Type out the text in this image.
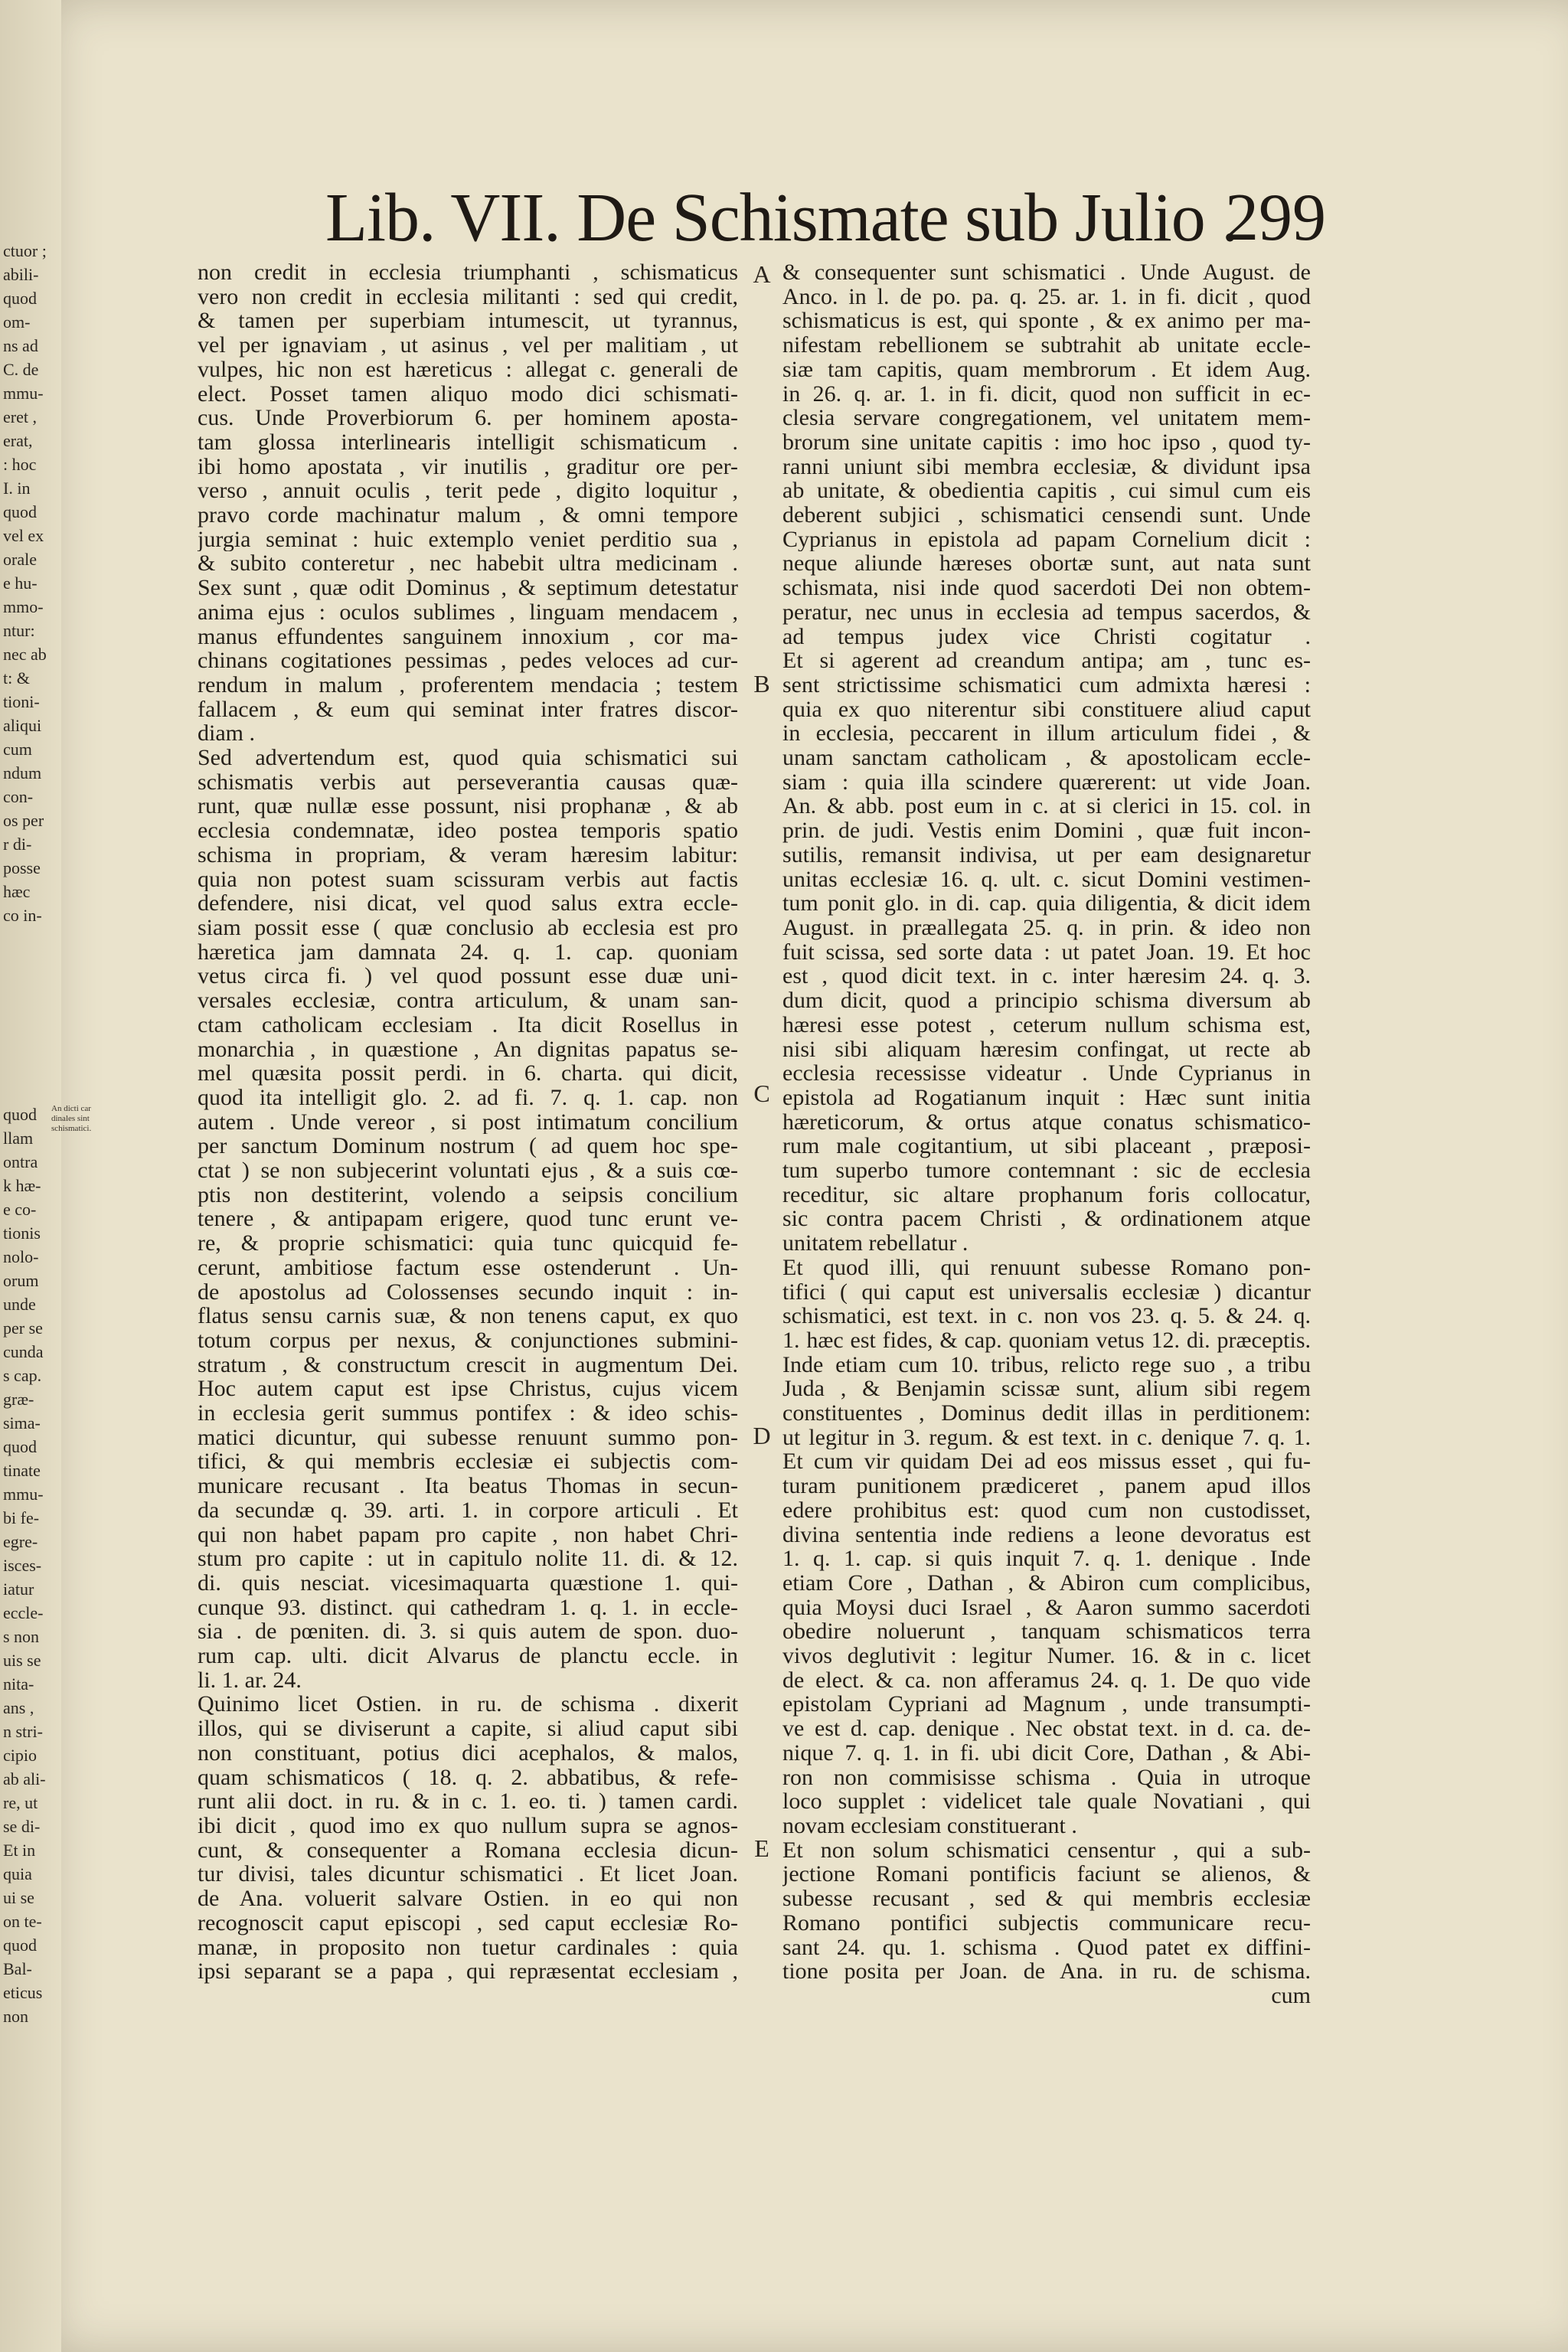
ctuor ;
abili-
quod
om-
ns ad
C. de
mmu-
eret ,
erat,
: hoc
I. in
quod
vel ex
orale
e hu-
mmo-
ntur:
nec ab
t: &
tioni-
aliqui
cum
ndum
con-
os per
r di-
posse
hæc
co in-
quod
llam
ontra
k hæ-
e co-
tionis
nolo-
orum
unde
per se
cunda
s cap.
græ-
sima-
quod
tinate
mmu-
bi fe-
egre-
isces-
iatur
eccle-
s non
uis se
nita-
ans ,
n stri-
cipio
ab ali-
re, ut
se di-
Et in
quia
ui se
on te-
quod
Bal-
eticus
non
An dicti car dinales sint schismatici.
Lib. VII. De Schismate sub Julio .
299
non credit in ecclesia triumphanti , schismaticus
vero non credit in ecclesia militanti : sed qui credit,
& tamen per superbiam intumescit, ut tyrannus,
vel per ignaviam , ut asinus , vel per malitiam , ut
vulpes, hic non est hæreticus : allegat c. generali de
elect. Posset tamen aliquo modo dici schismati-
cus. Unde Proverbiorum 6. per hominem aposta-
tam glossa interlinearis intelligit schismaticum .
ibi homo apostata , vir inutilis , graditur ore per-
verso , annuit oculis , terit pede , digito loquitur ,
pravo corde machinatur malum , & omni tempore
jurgia seminat : huic extemplo veniet perditio sua ,
& subito conteretur , nec habebit ultra medicinam .
Sex sunt , quæ odit Dominus , & septimum detestatur
anima ejus : oculos sublimes , linguam mendacem ,
manus effundentes sanguinem innoxium , cor ma-
chinans cogitationes pessimas , pedes veloces ad cur-
rendum in malum , proferentem mendacia ; testem
fallacem , & eum qui seminat inter fratres discor-
diam .
Sed advertendum est, quod quia schismatici sui
schismatis verbis aut perseverantia causas quæ-
runt, quæ nullæ esse possunt, nisi prophanæ , & ab
ecclesia condemnatæ, ideo postea temporis spatio
schisma in propriam, & veram hæresim labitur:
quia non potest suam scissuram verbis aut factis
defendere, nisi dicat, vel quod salus extra eccle-
siam possit esse ( quæ conclusio ab ecclesia est pro
hæretica jam damnata 24. q. 1. cap. quoniam
vetus circa fi. ) vel quod possunt esse duæ uni-
versales ecclesiæ, contra articulum, & unam san-
ctam catholicam ecclesiam . Ita dicit Rosellus in
monarchia , in quæstione , An dignitas papatus se-
mel quæsita possit perdi. in 6. charta. qui dicit,
quod ita intelligit glo. 2. ad fi. 7. q. 1. cap. non
autem . Unde vereor , si post intimatum concilium
per sanctum Dominum nostrum ( ad quem hoc spe-
ctat ) se non subjecerint voluntati ejus , & a suis cœ-
ptis non destiterint, volendo a seipsis concilium
tenere , & antipapam erigere, quod tunc erunt ve-
re, & proprie schismatici: quia tunc quicquid fe-
cerunt, ambitiose factum esse ostenderunt . Un-
de apostolus ad Colossenses secundo inquit : in-
flatus sensu carnis suæ, & non tenens caput, ex quo
totum corpus per nexus, & conjunctiones submini-
stratum , & constructum crescit in augmentum Dei.
Hoc autem caput est ipse Christus, cujus vicem
in ecclesia gerit summus pontifex : & ideo schis-
matici dicuntur, qui subesse renuunt summo pon-
tifici, & qui membris ecclesiæ ei subjectis com-
municare recusant . Ita beatus Thomas in secun-
da secundæ q. 39. arti. 1. in corpore articuli . Et
qui non habet papam pro capite , non habet Chri-
stum pro capite : ut in capitulo nolite 11. di. & 12.
di. quis nesciat. vicesimaquarta quæstione 1. qui-
cunque 93. distinct. qui cathedram 1. q. 1. in eccle-
sia . de pœniten. di. 3. si quis autem de spon. duo-
rum cap. ulti. dicit Alvarus de planctu eccle. in
li. 1. ar. 24.
Quinimo licet Ostien. in ru. de schisma . dixerit
illos, qui se diviserunt a capite, si aliud caput sibi
non constituant, potius dici acephalos, & malos,
quam schismaticos ( 18. q. 2. abbatibus, & refe-
runt alii doct. in ru. & in c. 1. eo. ti. ) tamen cardi.
ibi dicit , quod imo ex quo nullum supra se agnos-
cunt, & consequenter a Romana ecclesia dicun-
tur divisi, tales dicuntur schismatici . Et licet Joan.
de Ana. voluerit salvare Ostien. in eo qui non
recognoscit caput episcopi , sed caput ecclesiæ Ro-
manæ, in proposito non tuetur cardinales : quia
ipsi separant se a papa , qui repræsentat ecclesiam ,
& consequenter sunt schismatici . Unde August. de
Anco. in l. de po. pa. q. 25. ar. 1. in fi. dicit , quod
schismaticus is est, qui sponte , & ex animo per ma-
nifestam rebellionem se subtrahit ab unitate eccle-
siæ tam capitis, quam membrorum . Et idem Aug.
in 26. q. ar. 1. in fi. dicit, quod non sufficit in ec-
clesia servare congregationem, vel unitatem mem-
brorum sine unitate capitis : imo hoc ipso , quod ty-
ranni uniunt sibi membra ecclesiæ, & dividunt ipsa
ab unitate, & obedientia capitis , cui simul cum eis
deberent subjici , schismatici censendi sunt. Unde
Cyprianus in epistola ad papam Cornelium dicit :
neque aliunde hæreses obortæ sunt, aut nata sunt
schismata, nisi inde quod sacerdoti Dei non obtem-
peratur, nec unus in ecclesia ad tempus sacerdos, &
ad tempus judex vice Christi cogitatur .
Et si agerent ad creandum antipa; am , tunc es-
sent strictissime schismatici cum admixta hæresi :
quia ex quo niterentur sibi constituere aliud caput
in ecclesia, peccarent in illum articulum fidei , &
unam sanctam catholicam , & apostolicam eccle-
siam : quia illa scindere quærerent: ut vide Joan.
An. & abb. post eum in c. at si clerici in 15. col. in
prin. de judi. Vestis enim Domini , quæ fuit incon-
sutilis, remansit indivisa, ut per eam designaretur
unitas ecclesiæ 16. q. ult. c. sicut Domini vestimen-
tum ponit glo. in di. cap. quia diligentia, & dicit idem
August. in præallegata 25. q. in prin. & ideo non
fuit scissa, sed sorte data : ut patet Joan. 19. Et hoc
est , quod dicit text. in c. inter hæresim 24. q. 3.
dum dicit, quod a principio schisma diversum ab
hæresi esse potest , ceterum nullum schisma est,
nisi sibi aliquam hæresim confingat, ut recte ab
ecclesia recessisse videatur . Unde Cyprianus in
epistola ad Rogatianum inquit : Hæc sunt initia
hæreticorum, & ortus atque conatus schismatico-
rum male cogitantium, ut sibi placeant , præposi-
tum superbo tumore contemnant : sic de ecclesia
receditur, sic altare prophanum foris collocatur,
sic contra pacem Christi , & ordinationem atque
unitatem rebellatur .
Et quod illi, qui renuunt subesse Romano pon-
tifici ( qui caput est universalis ecclesiæ ) dicantur
schismatici, est text. in c. non vos 23. q. 5. & 24. q.
1. hæc est fides, & cap. quoniam vetus 12. di. præceptis.
Inde etiam cum 10. tribus, relicto rege suo , a tribu
Juda , & Benjamin scissæ sunt, alium sibi regem
constituentes , Dominus dedit illas in perditionem:
ut legitur in 3. regum. & est text. in c. denique 7. q. 1.
Et cum vir quidam Dei ad eos missus esset , qui fu-
turam punitionem prædiceret , panem apud illos
edere prohibitus est: quod cum non custodisset,
divina sententia inde rediens a leone devoratus est
1. q. 1. cap. si quis inquit 7. q. 1. denique . Inde
etiam Core , Dathan , & Abiron cum complicibus,
quia Moysi duci Israel , & Aaron summo sacerdoti
obedire noluerunt , tanquam schismaticos terra
vivos deglutivit : legitur Numer. 16. & in c. licet
de elect. & ca. non afferamus 24. q. 1. De quo vide
epistolam Cypriani ad Magnum , unde transumpti-
ve est d. cap. denique . Nec obstat text. in d. ca. de-
nique 7. q. 1. in fi. ubi dicit Core, Dathan , & Abi-
ron non commisisse schisma . Quia in utroque
loco supplet : videlicet tale quale Novatiani , qui
novam ecclesiam constituerant .
Et non solum schismatici censentur , qui a sub-
jectione Romani pontificis faciunt se alienos, &
subesse recusant , sed & qui membris ecclesiæ
Romano pontifici subjectis communicare recu-
sant 24. qu. 1. schisma . Quod patet ex diffini-
tione posita per Joan. de Ana. in ru. de schisma.
cum
A
B
C
D
E
